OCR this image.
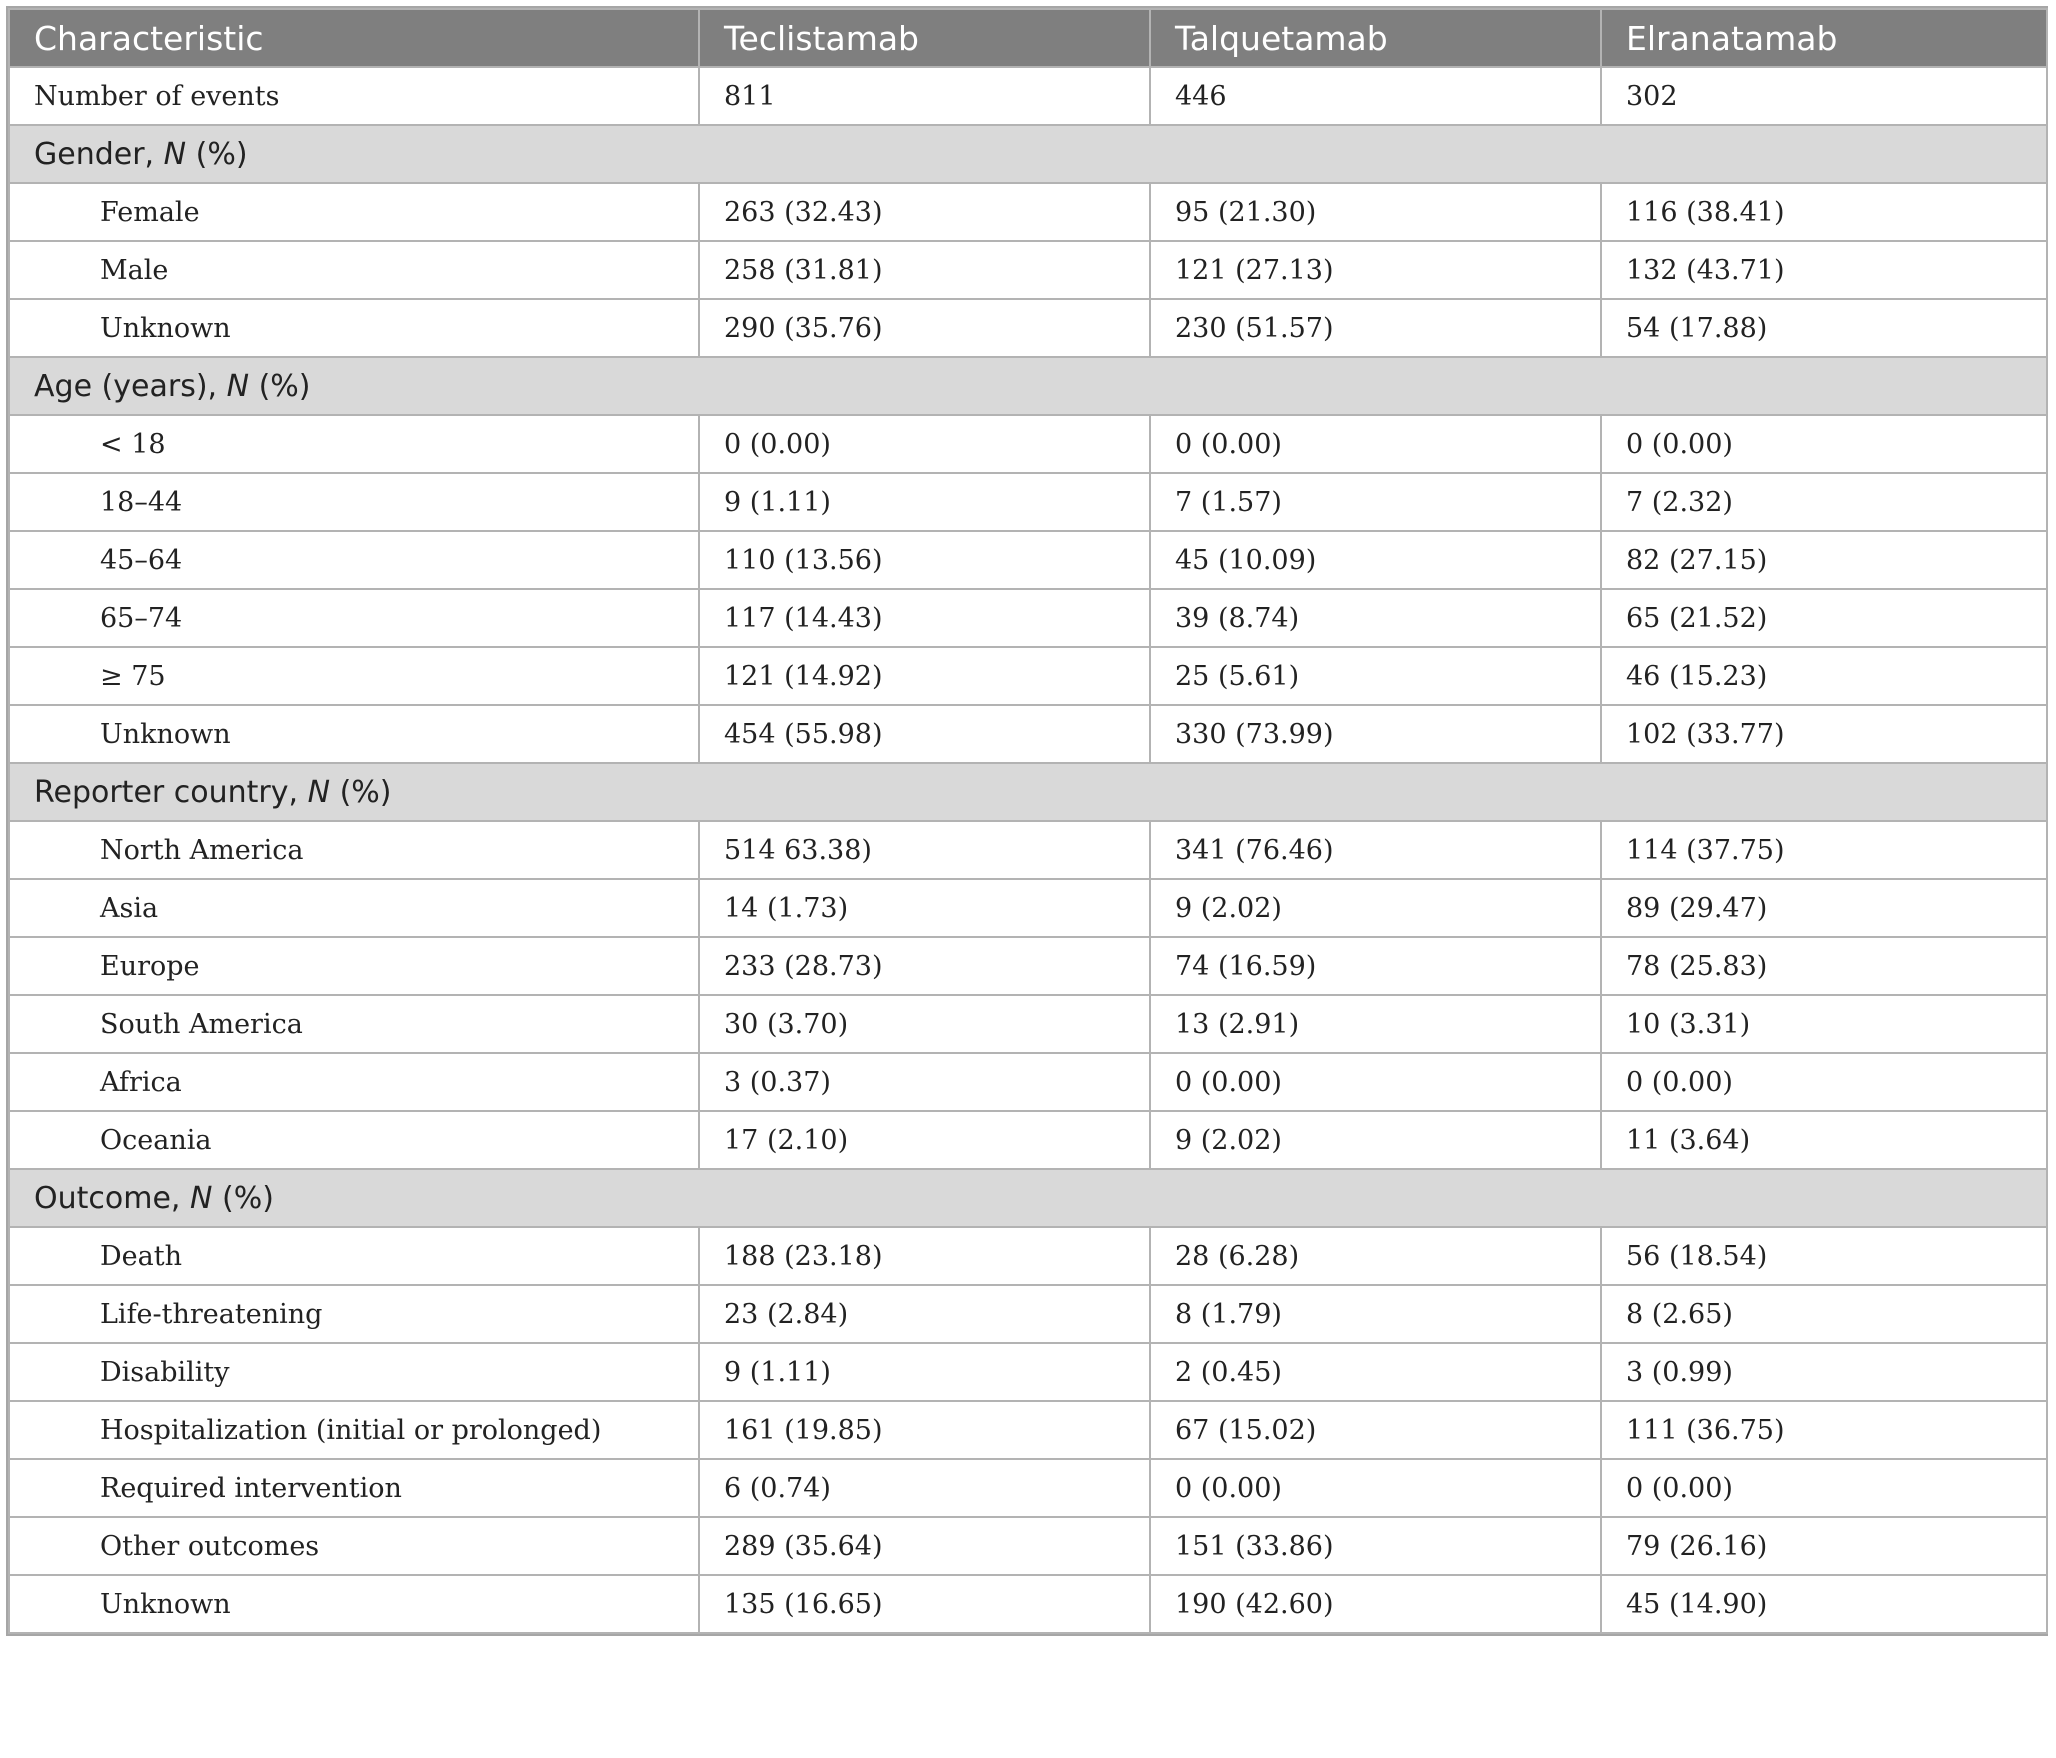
Characteristic	Teclistamab	Talquetamab	Elranatamab
Number of events	811	446	302
Gender, N (%)			
Female	263 (32.43)	95 (21.30)	116 (38.41)
Male	258 (31.81)	121 (27.13)	132 (43.71)
Unknown	290 (35.76)	230 (51.57)	54 (17.88)
Age (years), N (%)			
< 18	0 (0.00)	0 (0.00)	0 (0.00)
18–44	9 (1.11)	7 (1.57)	7 (2.32)
45–64	110 (13.56)	45 (10.09)	82 (27.15)
65–74	117 (14.43)	39 (8.74)	65 (21.52)
≥ 75	121 (14.92)	25 (5.61)	46 (15.23)
Unknown	454 (55.98)	330 (73.99)	102 (33.77)
Reporter country, N (%)			
North America	514 63.38)	341 (76.46)	114 (37.75)
Asia	14 (1.73)	9 (2.02)	89 (29.47)
Europe	233 (28.73)	74 (16.59)	78 (25.83)
South America	30 (3.70)	13 (2.91)	10 (3.31)
Africa	3 (0.37)	0 (0.00)	0 (0.00)
Oceania	17 (2.10)	9 (2.02)	11 (3.64)
Outcome, N (%)			
Death	188 (23.18)	28 (6.28)	56 (18.54)
Life-threatening	23 (2.84)	8 (1.79)	8 (2.65)
Disability	9 (1.11)	2 (0.45)	3 (0.99)
Hospitalization (initial or prolonged)	161 (19.85)	67 (15.02)	111 (36.75)
Required intervention	6 (0.74)	0 (0.00)	0 (0.00)
Other outcomes	289 (35.64)	151 (33.86)	79 (26.16)
Unknown	135 (16.65)	190 (42.60)	45 (14.90)
